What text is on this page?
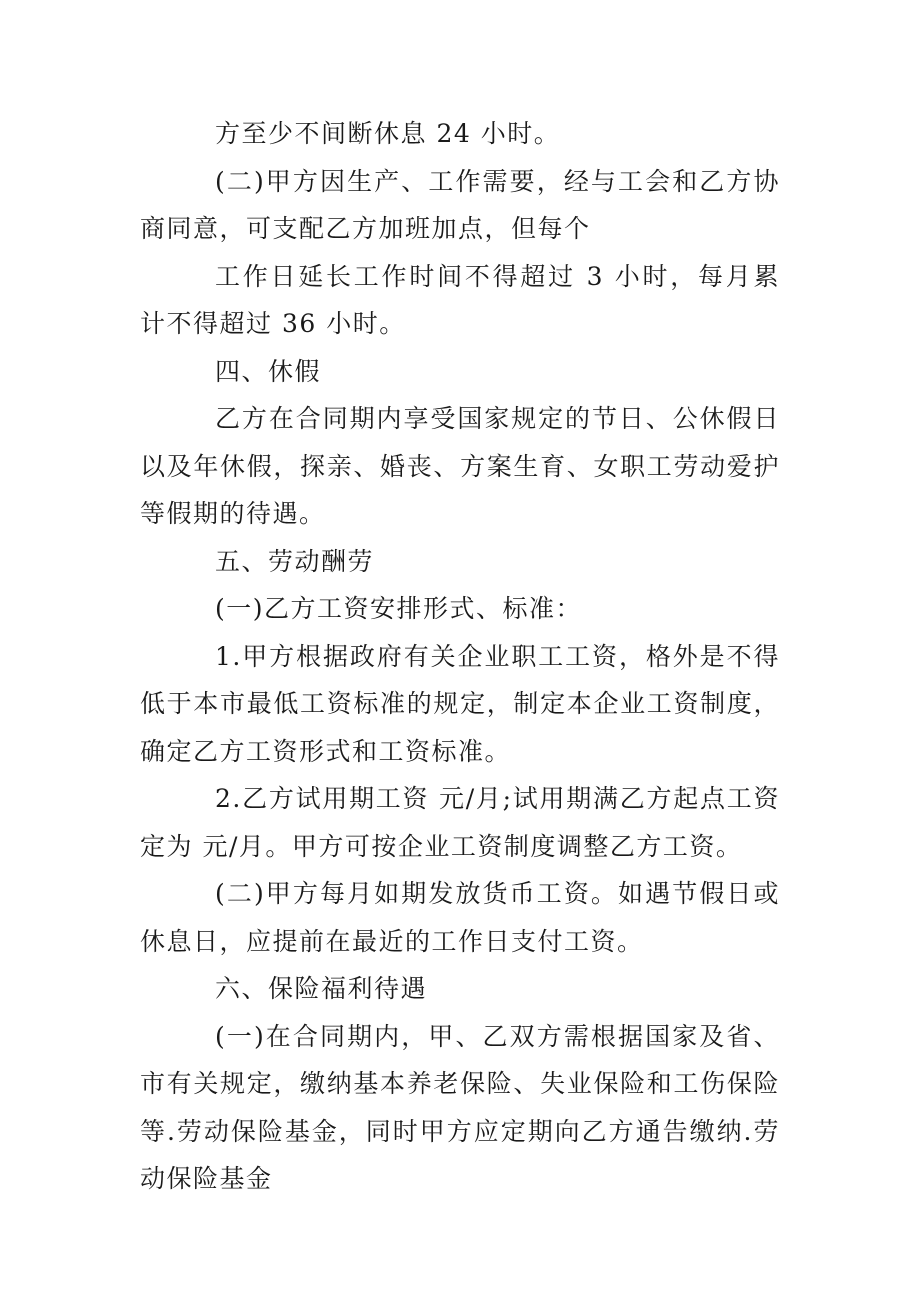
方至少不间断休息 24 小时。

(二)甲方因生产、工作需要，经与工会和乙方协商同意，可支配乙方加班加点，但每个

工作日延长工作时间不得超过 3 小时，每月累计不得超过 36 小时。

四、休假

乙方在合同期内享受国家规定的节日、公休假日以及年休假，探亲、婚丧、方案生育、女职工劳动爱护等假期的待遇。

五、劳动酬劳

(一)乙方工资安排形式、标准：

1.甲方根据政府有关企业职工工资，格外是不得低于本市最低工资标准的规定，制定本企业工资制度，确定乙方工资形式和工资标准。

2.乙方试用期工资 元/月;试用期满乙方起点工资定为 元/月。甲方可按企业工资制度调整乙方工资。

(二)甲方每月如期发放货币工资。如遇节假日或休息日，应提前在最近的工作日支付工资。

六、保险福利待遇

(一)在合同期内，甲、乙双方需根据国家及省、市有关规定，缴纳基本养老保险、失业保险和工伤保险等.劳动保险基金，同时甲方应定期向乙方通告缴纳.劳动保险基金
